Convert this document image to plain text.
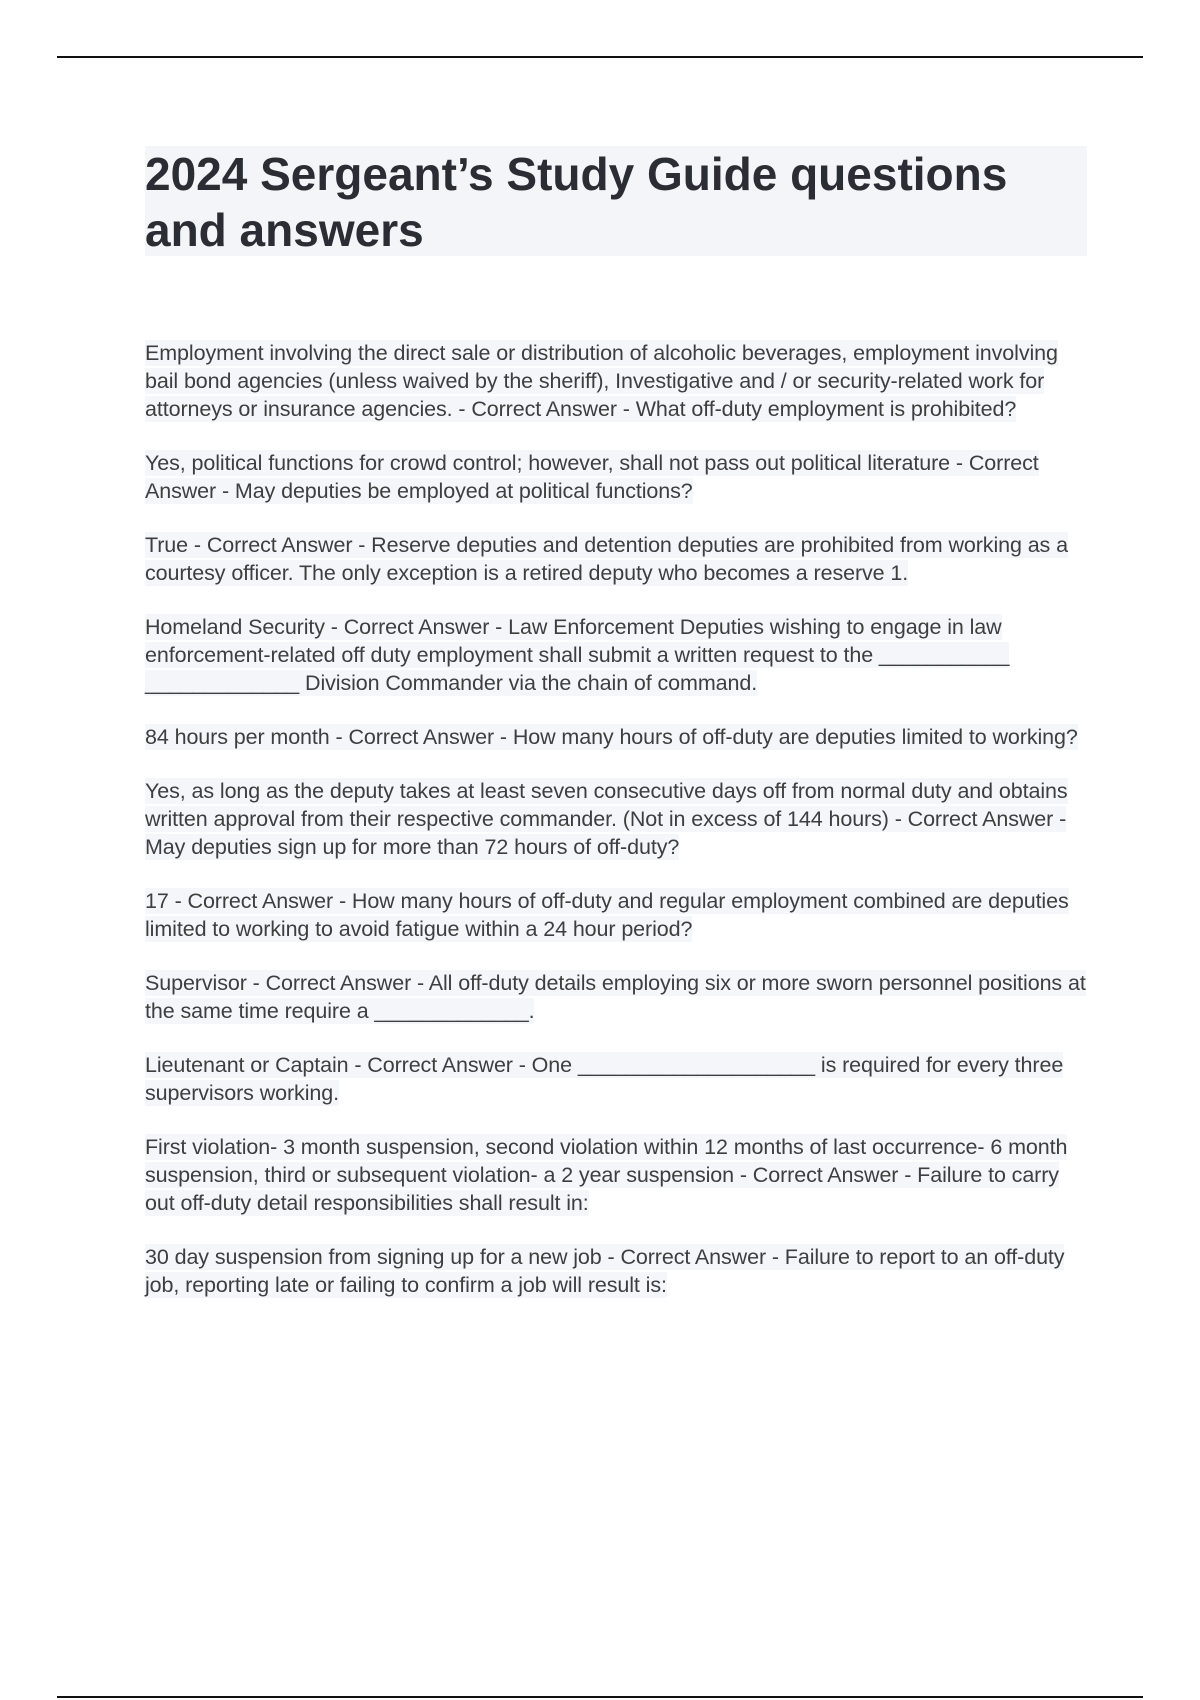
2024 Sergeant’s Study Guide questions and answers

Employment involving the direct sale or distribution of alcoholic beverages, employment involving bail bond agencies (unless waived by the sheriff), Investigative and / or security-related work for attorneys or insurance agencies. - Correct Answer - What off-duty employment is prohibited?

Yes, political functions for crowd control; however, shall not pass out political literature - Correct Answer - May deputies be employed at political functions?

True - Correct Answer - Reserve deputies and detention deputies are prohibited from working as a courtesy officer. The only exception is a retired deputy who becomes a reserve 1.

Homeland Security - Correct Answer - Law Enforcement Deputies wishing to engage in law enforcement-related off duty employment shall submit a written request to the ___________ _____________ Division Commander via the chain of command.

84 hours per month - Correct Answer - How many hours of off-duty are deputies limited to working?

Yes, as long as the deputy takes at least seven consecutive days off from normal duty and obtains written approval from their respective commander. (Not in excess of 144 hours) - Correct Answer - May deputies sign up for more than 72 hours of off-duty?

17 - Correct Answer - How many hours of off-duty and regular employment combined are deputies limited to working to avoid fatigue within a 24 hour period?

Supervisor - Correct Answer - All off-duty details employing six or more sworn personnel positions at the same time require a _____________.

Lieutenant or Captain - Correct Answer - One ____________________ is required for every three supervisors working.

First violation- 3 month suspension, second violation within 12 months of last occurrence- 6 month suspension, third or subsequent violation- a 2 year suspension - Correct Answer - Failure to carry out off-duty detail responsibilities shall result in:

30 day suspension from signing up for a new job - Correct Answer - Failure to report to an off-duty job, reporting late or failing to confirm a job will result is:
